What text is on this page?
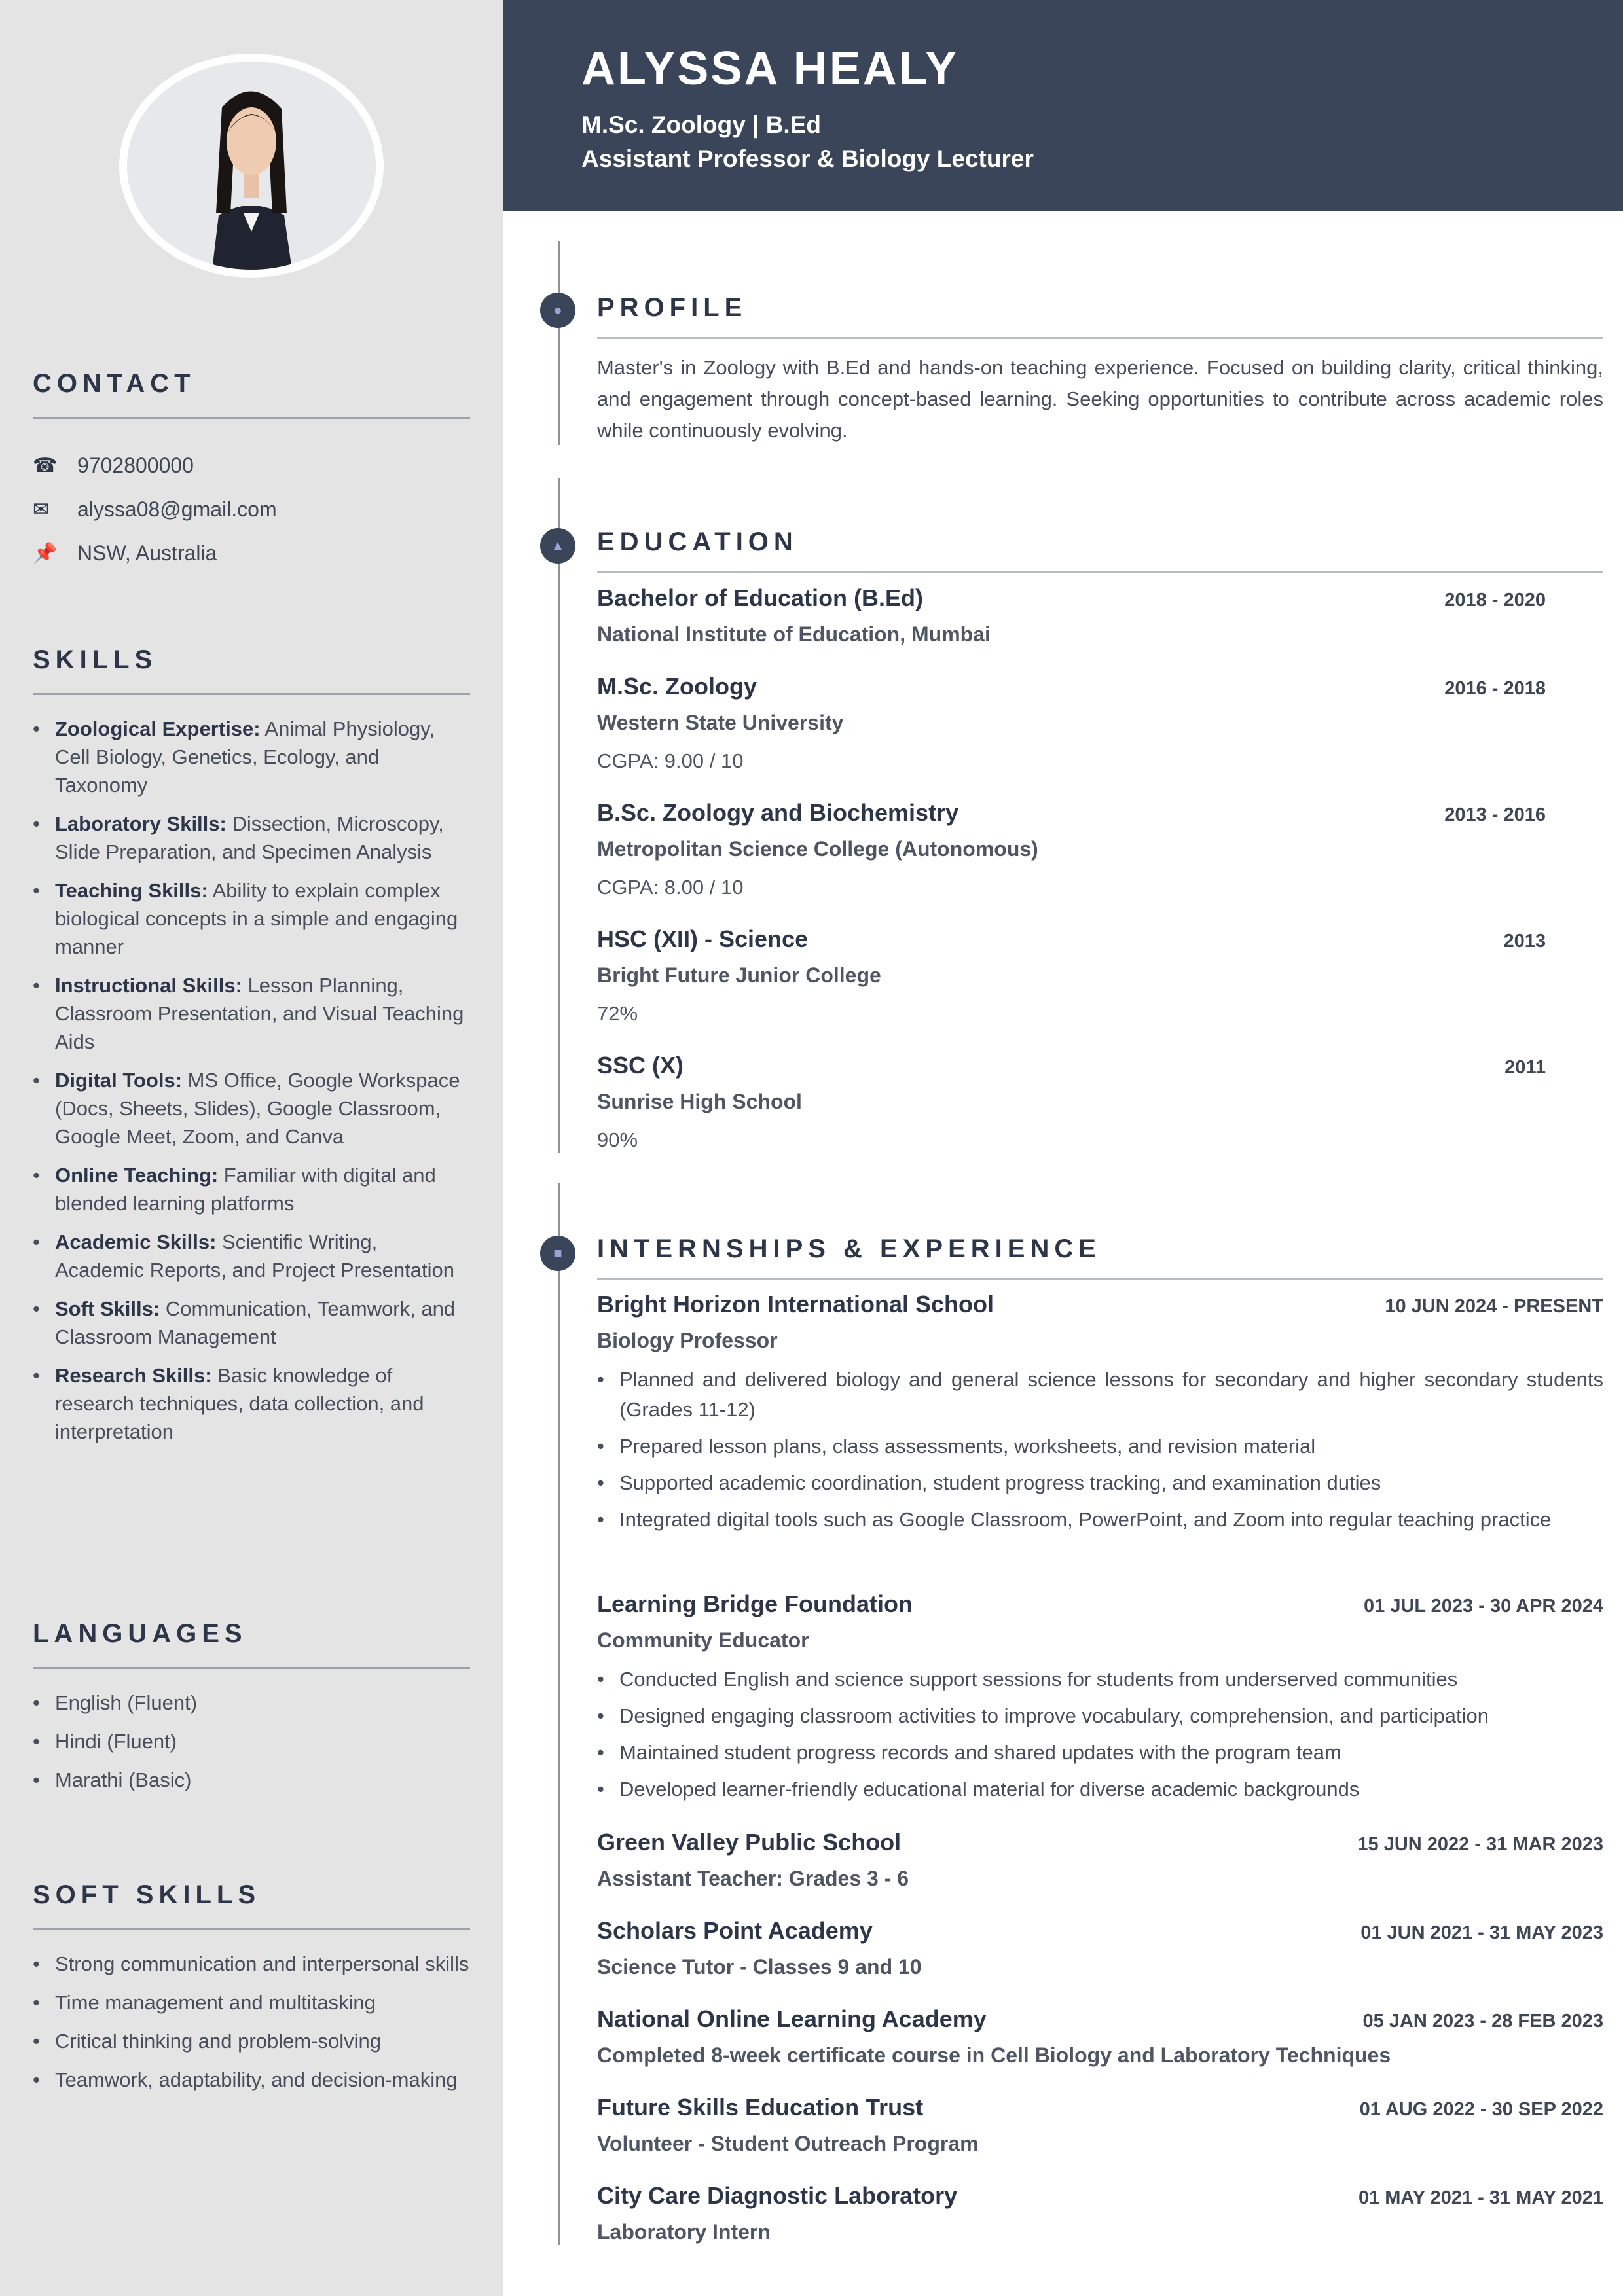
CONTACT
☎ 9702800000
✉	alyssa08@gmail.com
📌 NSW, Australia
SKILLS
• Zoological Expertise: Animal Physiology, Cell Biology, Genetics, Ecology, and Taxonomy
• Laboratory Skills: Dissection, Microscopy, Slide Preparation, and Specimen Analysis
• Teaching Skills: Ability to explain complex biological concepts in a simple and engaging manner
• Instructional Skills: Lesson Planning, Classroom Presentation, and Visual Teaching Aids
• Digital Tools: MS Office, Google Workspace (Docs, Sheets, Slides), Google Classroom, Google Meet, Zoom, and Canva
• Online Teaching: Familiar with digital and blended learning platforms
• Academic Skills: Scientific Writing, Academic Reports, and Project Presentation
• Soft Skills: Communication, Teamwork, and Classroom Management
• Research Skills: Basic knowledge of research techniques, data collection, and interpretation
LANGUAGES
• English (Fluent)
• Hindi (Fluent)
• Marathi (Basic)
SOFT SKILLS
• Strong communication and interpersonal skills
• Time management and multitasking
• Critical thinking and problem-solving
• Teamwork, adaptability, and decision-making
ALYSSA HEALY
M.Sc. Zoology | B.Ed
Assistant Professor & Biology Lecturer
●
▲
■
PROFILE

Master's in Zoology with B.Ed and hands-on teaching experience. Focused on building clarity, critical thinking, and engagement through concept-based learning. Seeking opportunities to contribute across academic roles while continuously evolving.

EDUCATION
Bachelor of Education (B.Ed)	2018 - 2020
National Institute of Education, Mumbai
M.Sc. Zoology	2016 - 2018
Western State University
CGPA: 9.00 / 10
B.Sc. Zoology and Biochemistry	2013 - 2016
Metropolitan Science College (Autonomous)
CGPA: 8.00 / 10
HSC (XII) - Science	2013
Bright Future Junior College
72%
SSC (X)	2011
Sunrise High School
90%
INTERNSHIPS & EXPERIENCE
Bright Horizon International School	10 JUN 2024 - PRESENT
Biology Professor
• Planned and delivered biology and general science lessons for secondary and higher secondary students (Grades 11-12)
• Prepared lesson plans, class assessments, worksheets, and revision material
• Supported academic coordination, student progress tracking, and examination duties
• Integrated digital tools such as Google Classroom, PowerPoint, and Zoom into regular teaching practice
Learning Bridge Foundation	01 JUL 2023 - 30 APR 2024
Community Educator
• Conducted English and science support sessions for students from underserved communities
• Designed engaging classroom activities to improve vocabulary, comprehension, and participation
• Maintained student progress records and shared updates with the program team
• Developed learner-friendly educational material for diverse academic backgrounds
Green Valley Public School	15 JUN 2022 - 31 MAR 2023
Assistant Teacher: Grades 3 - 6
Scholars Point Academy	01 JUN 2021 - 31 MAY 2023
Science Tutor - Classes 9 and 10
National Online Learning Academy	05 JAN 2023 - 28 FEB 2023
Completed 8-week certificate course in Cell Biology and Laboratory Techniques
Future Skills Education Trust	01 AUG 2022 - 30 SEP 2022
Volunteer - Student Outreach Program
City Care Diagnostic Laboratory	01 MAY 2021 - 31 MAY 2021
Laboratory Intern
